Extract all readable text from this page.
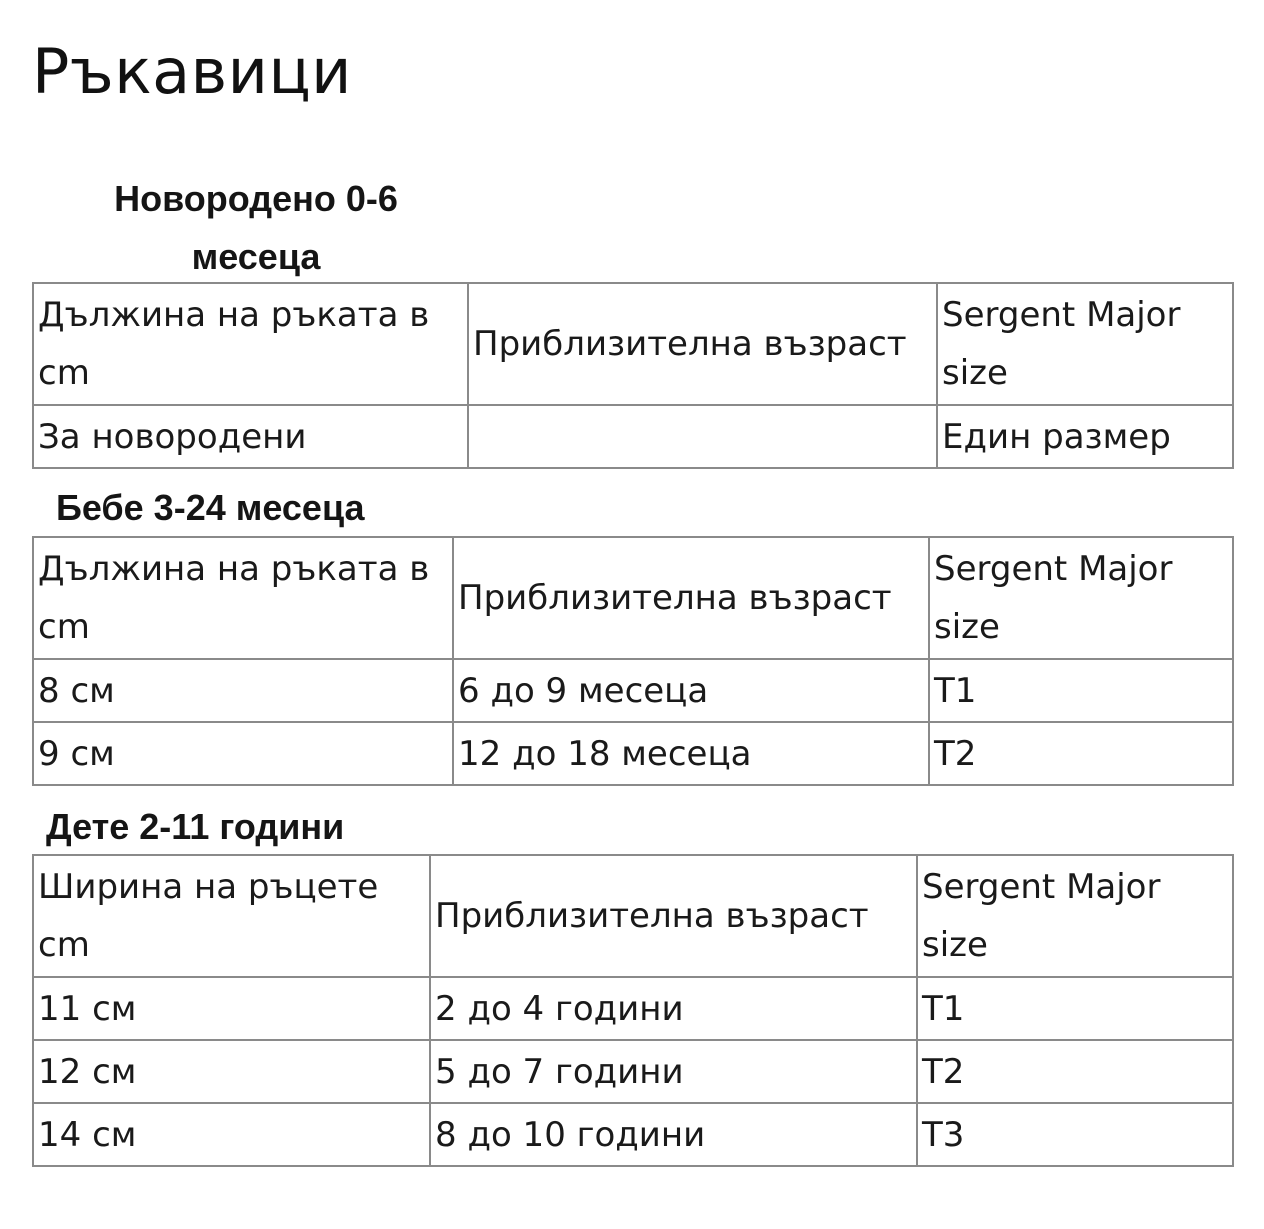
Ръкавици
Новородено 0-6 месеца
Дължина на ръката в cm	Приблизителна възраст	Sergent Major size
За новородени		Един размер
Бебе 3-24 месеца
Дължина на ръката в cm	Приблизителна възраст	Sergent Major size
8 см	6 до 9 месеца	T1
9 см	12 до 18 месеца	T2
Дете 2-11 години
Ширина на ръцете cm	Приблизителна възраст	Sergent Major size
11 см	2 до 4 години	T1
12 см	5 до 7 години	T2
14 см	8 до 10 години	T3
